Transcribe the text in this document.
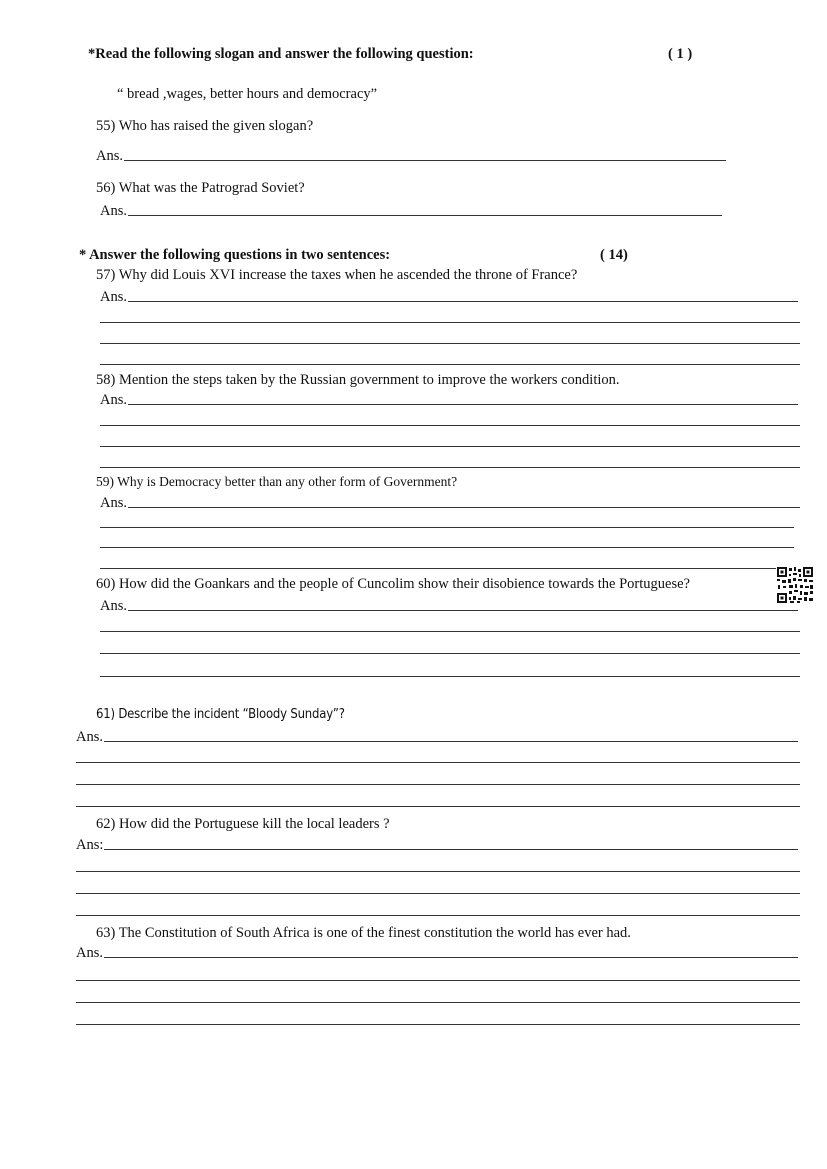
*Read the following slogan and answer the following question:	( 1 )
“ bread ,wages, better hours and democracy”
55) Who has raised the given slogan?
Ans.
56) What was the Patrograd Soviet?
Ans.
* Answer the following questions in two sentences:	( 14)
57) Why did Louis XVI increase the taxes when he ascended the throne of France?
Ans.
58) Mention the steps taken by the Russian government to improve the workers condition.
Ans.
59) Why is Democracy better than any other form of Government?
Ans.
60) How did the Goankars and the people of Cuncolim show their disobience towards the Portuguese?
Ans.
61) Describe the incident “Bloody Sunday”?
Ans.
62) How did the Portuguese kill the local leaders ?
Ans:
63) The Constitution of South Africa is one of the finest constitution the world has ever had.
Ans.
